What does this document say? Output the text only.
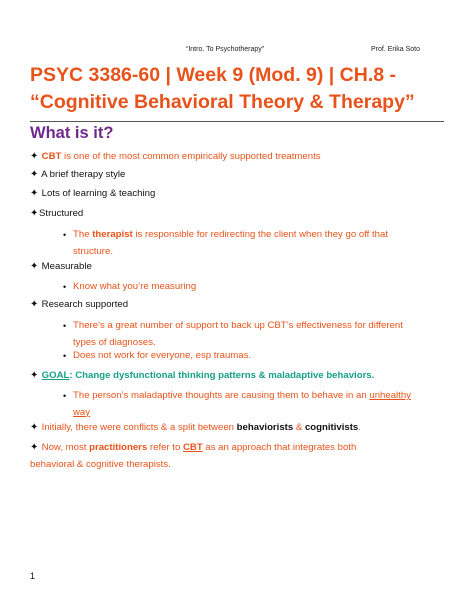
“Intro. To Psychotherapy”	Prof. Erika Soto
PSYC 3386-60 | Week 9 (Mod. 9) | CH.8 -
“Cognitive Behavioral Theory & Therapy”
What is it?
✦ CBT is one of the most common empirically supported treatments
✦ A brief therapy style
✦ Lots of learning & teaching
✦Structured
• The therapist is responsible for redirecting the client when they go off that
structure.
✦ Measurable
• Know what you’re measuring
✦ Research supported
• There’s a great number of support to back up CBT’s effectiveness for different
types of diagnoses.
• Does not work for everyone, esp traumas.
✦ GOAL: Change dysfunctional thinking patterns & maladaptive behaviors.
• The person’s maladaptive thoughts are causing them to behave in an unhealthy
way
✦ Initially, there were conflicts & a split between behaviorists & cognitivists.
✦ Now, most practitioners refer to CBT as an approach that integrates both
behavioral & cognitive therapists.
1
